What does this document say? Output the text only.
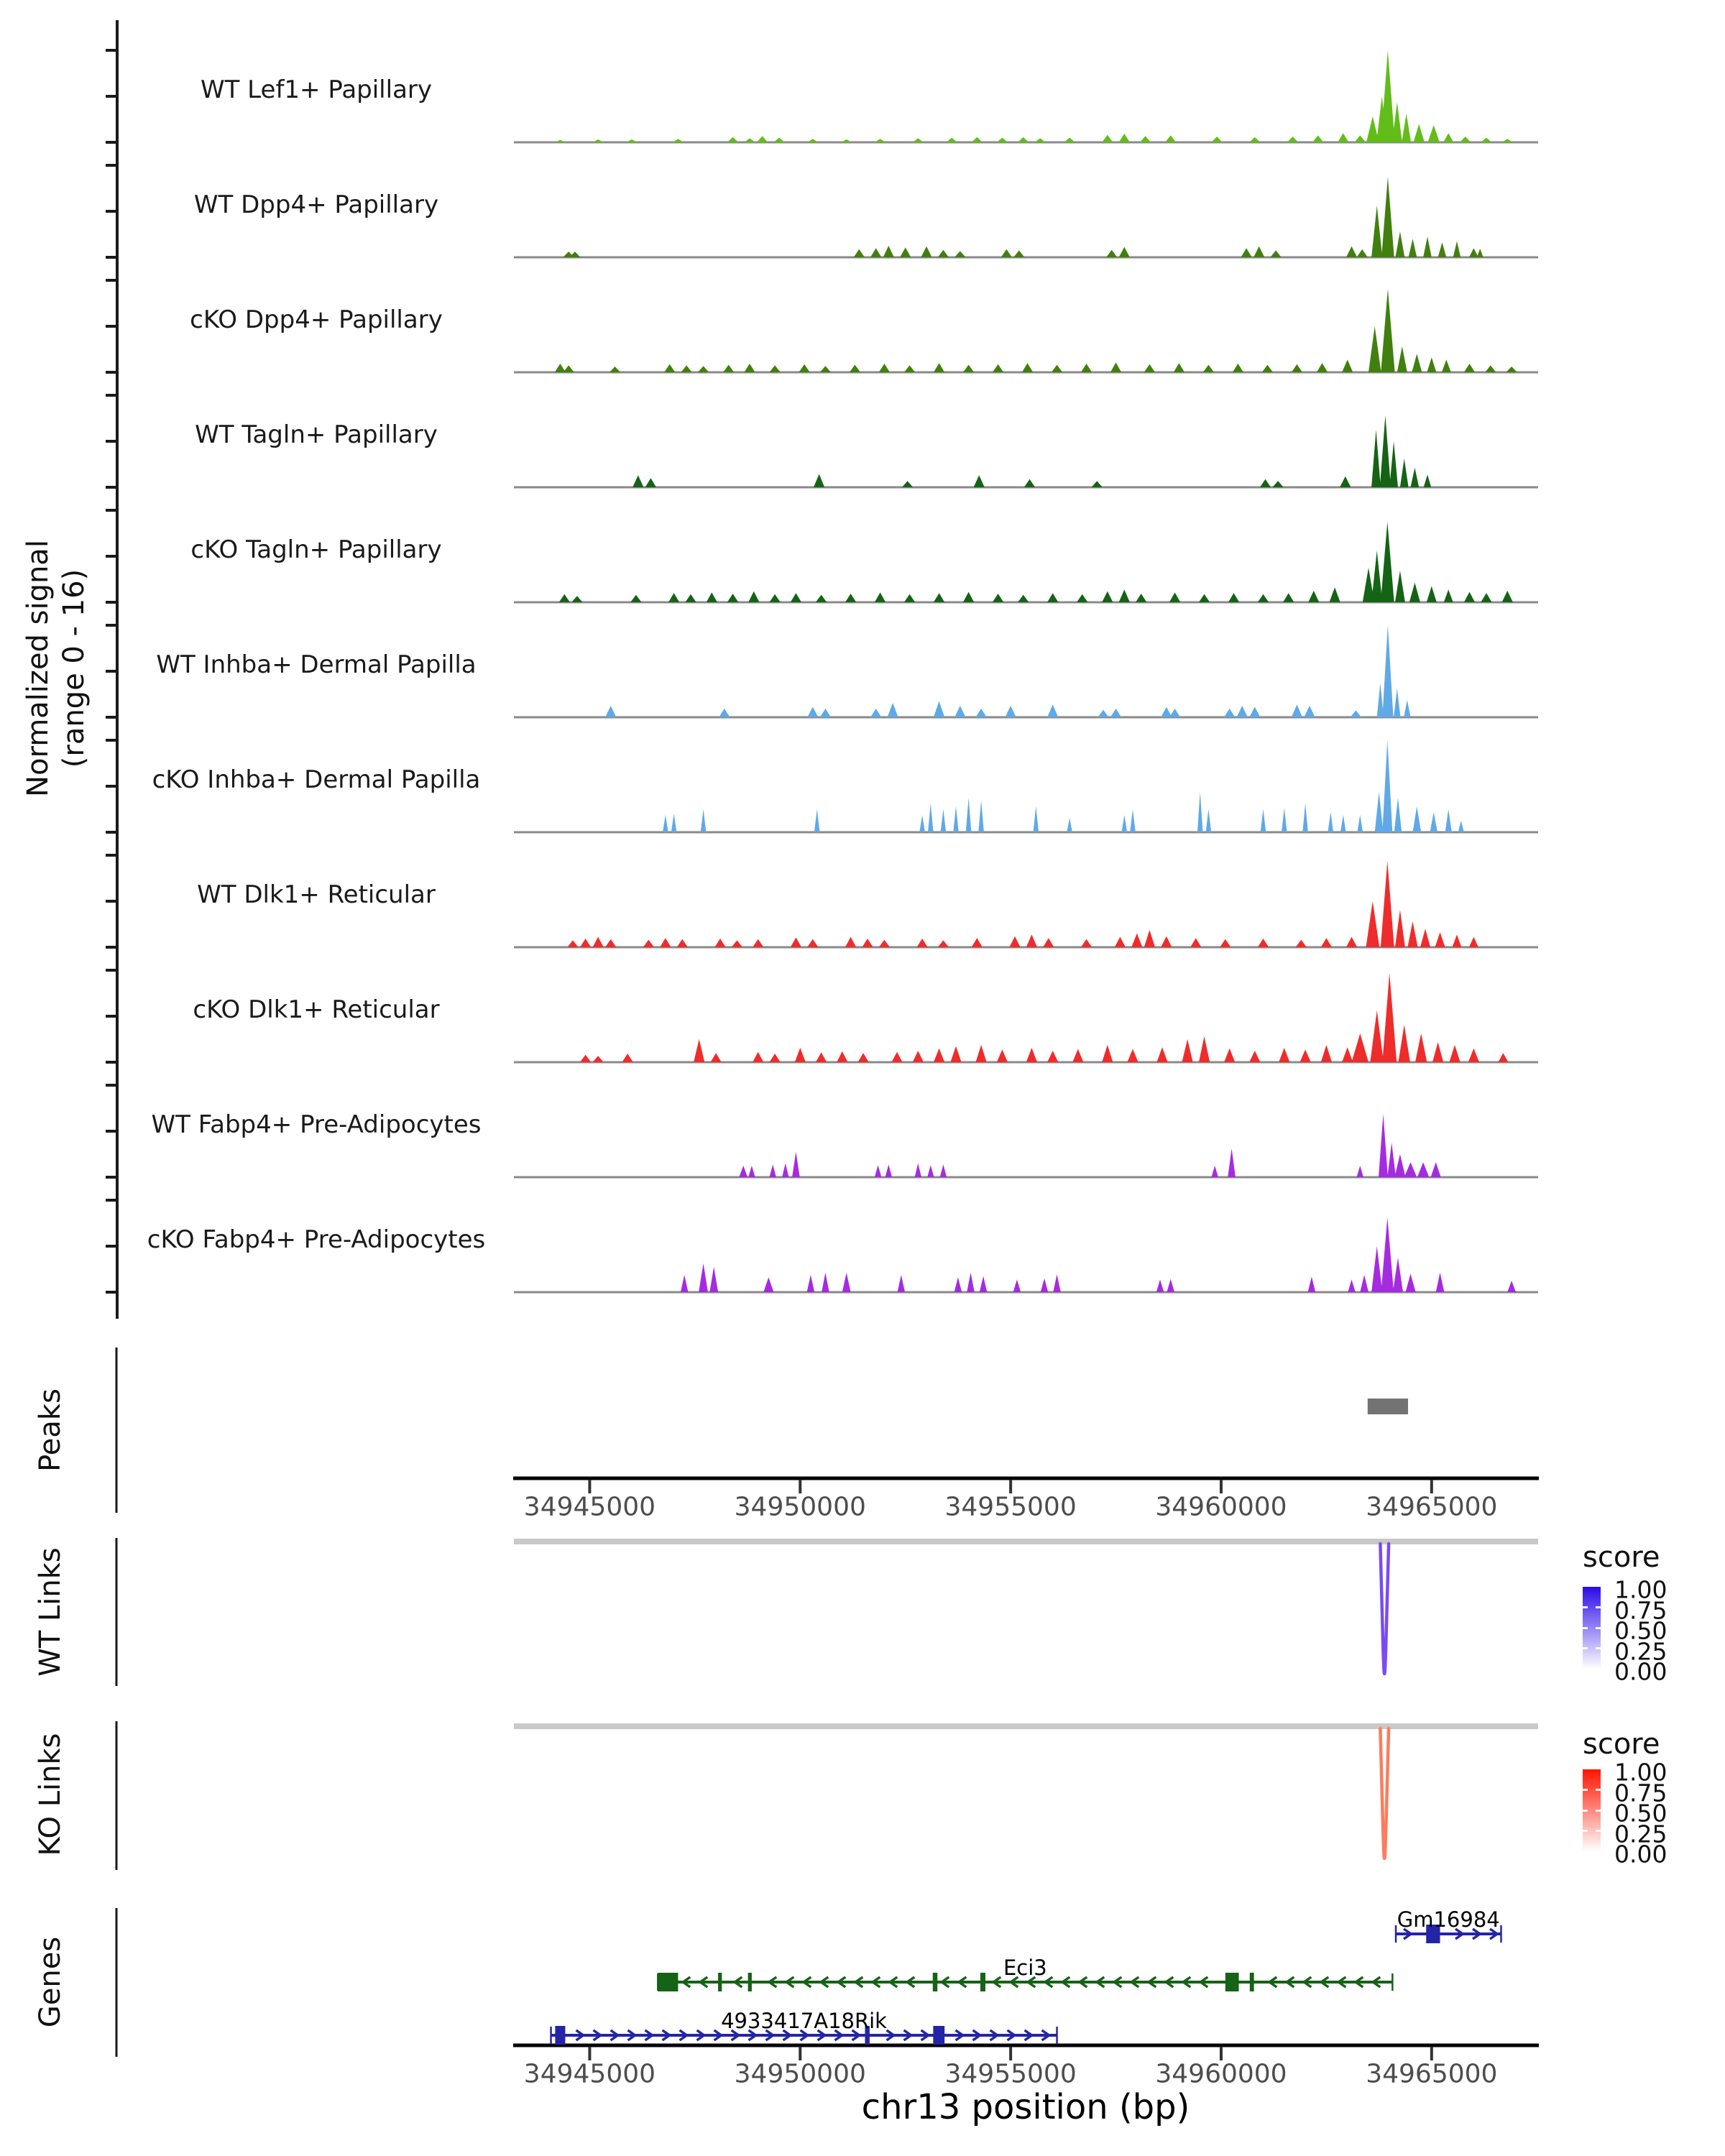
Normalized signal (range 0 - 16)
Peaks
WT Links
KO Links
Genes
chr13 position (bp)
score
1.00
0.75
0.50
0.25
0.00
score
1.00
0.75
0.50
0.25
0.00
WT Lef1+ Papillary
WT Dpp4+ Papillary
cKO Dpp4+ Papillary
WT Tagln+ Papillary
cKO Tagln+ Papillary
WT Inhba+ Dermal Papilla
cKO Inhba+ Dermal Papilla
WT Dlk1+ Reticular
cKO Dlk1+ Reticular
WT Fabp4+ Pre-Adipocytes
cKO Fabp4+ Pre-Adipocytes
34945000	34950000	34955000	34960000	34965000
34945000	34950000	34955000	34960000	34965000
Gm16984
Eci3
4933417A18Rik
